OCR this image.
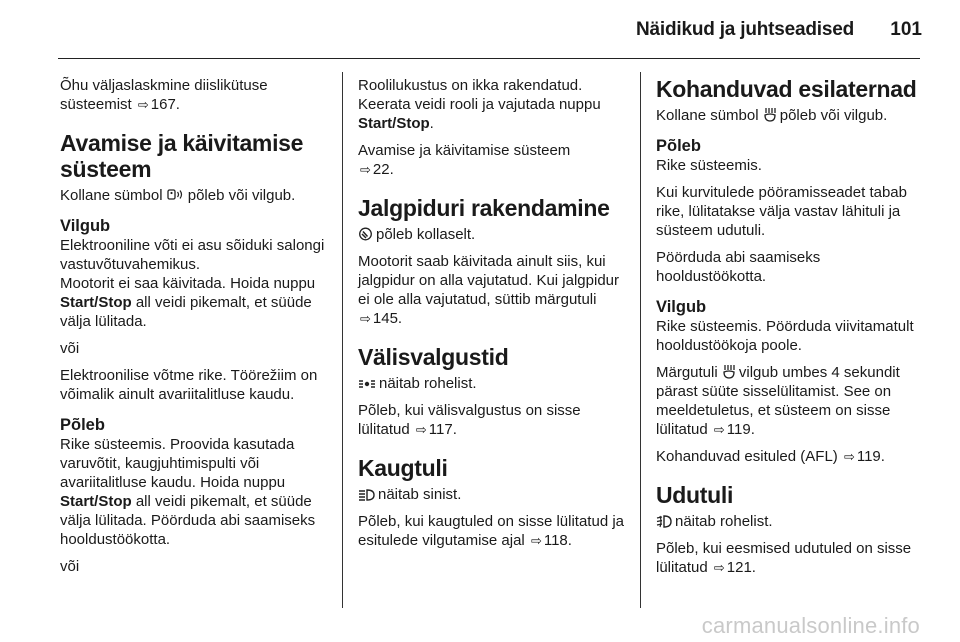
Näidikud ja juhtseadised 101

Õhu väljaslaskmine diislikütuse süsteemist ⇨ 167.

Avamise ja käivitamise süsteem

Kollane sümbol põleb või vilgub.

Vilgub
Elektrooniline võti ei asu sõiduki salongi vastuvõtuvahemikus.

Mootorit ei saa käivitada. Hoida nuppu Start/Stop all veidi pikemalt, et süüde välja lülitada.

või

Elektroonilise võtme rike. Töörežiim on võimalik ainult avariitalitluse kaudu.

Põleb

Rike süsteemis. Proovida kasutada varuvõtit, kaugjuhtimispulti või avariitalitluse kaudu. Hoida nuppu Start/Stop all veidi pikemalt, et süüde välja lülitada. Pöörduda abi saamiseks hooldustöökotta.

või

Roolilukustus on ikka rakendatud. Keerata veidi rooli ja vajutada nuppu Start/Stop.

Avamise ja käivitamise süsteem
⇨ 22.

Jalgpiduri rakendamine

põleb kollaselt.

Mootorit saab käivitada ainult siis, kui jalgpidur on alla vajutatud. Kui jalgpidur ei ole alla vajutatud, süttib märgutuli ⇨ 145.

Välisvalgustid

näitab rohelist.

Põleb, kui välisvalgustus on sisse lülitatud ⇨ 117.

Kaugtuli

näitab sinist.

Põleb, kui kaugtuled on sisse lülitatud ja esitulede vilgutamise ajal ⇨ 118.

Kohanduvad esilaternad

Kollane sümbol põleb või vilgub.

Põleb

Rike süsteemis.

Kui kurvitulede pööramisseadet tabab rike, lülitatakse välja vastav lähituli ja süsteem udutuli.

Pöörduda abi saamiseks hooldustöökotta.

Vilgub

Rike süsteemis. Pöörduda viivitamatult hooldustöökoja poole.

Märgutuli vilgub umbes 4 sekundit pärast süüte sisselülitamist. See on meeldetuletus, et süsteem on sisse lülitatud ⇨ 119.

Kohanduvad esituled (AFL) ⇨ 119.

Udutuli

näitab rohelist.

Põleb, kui eesmised udutuled on sisse lülitatud ⇨ 121.

carmanualsonline.info
